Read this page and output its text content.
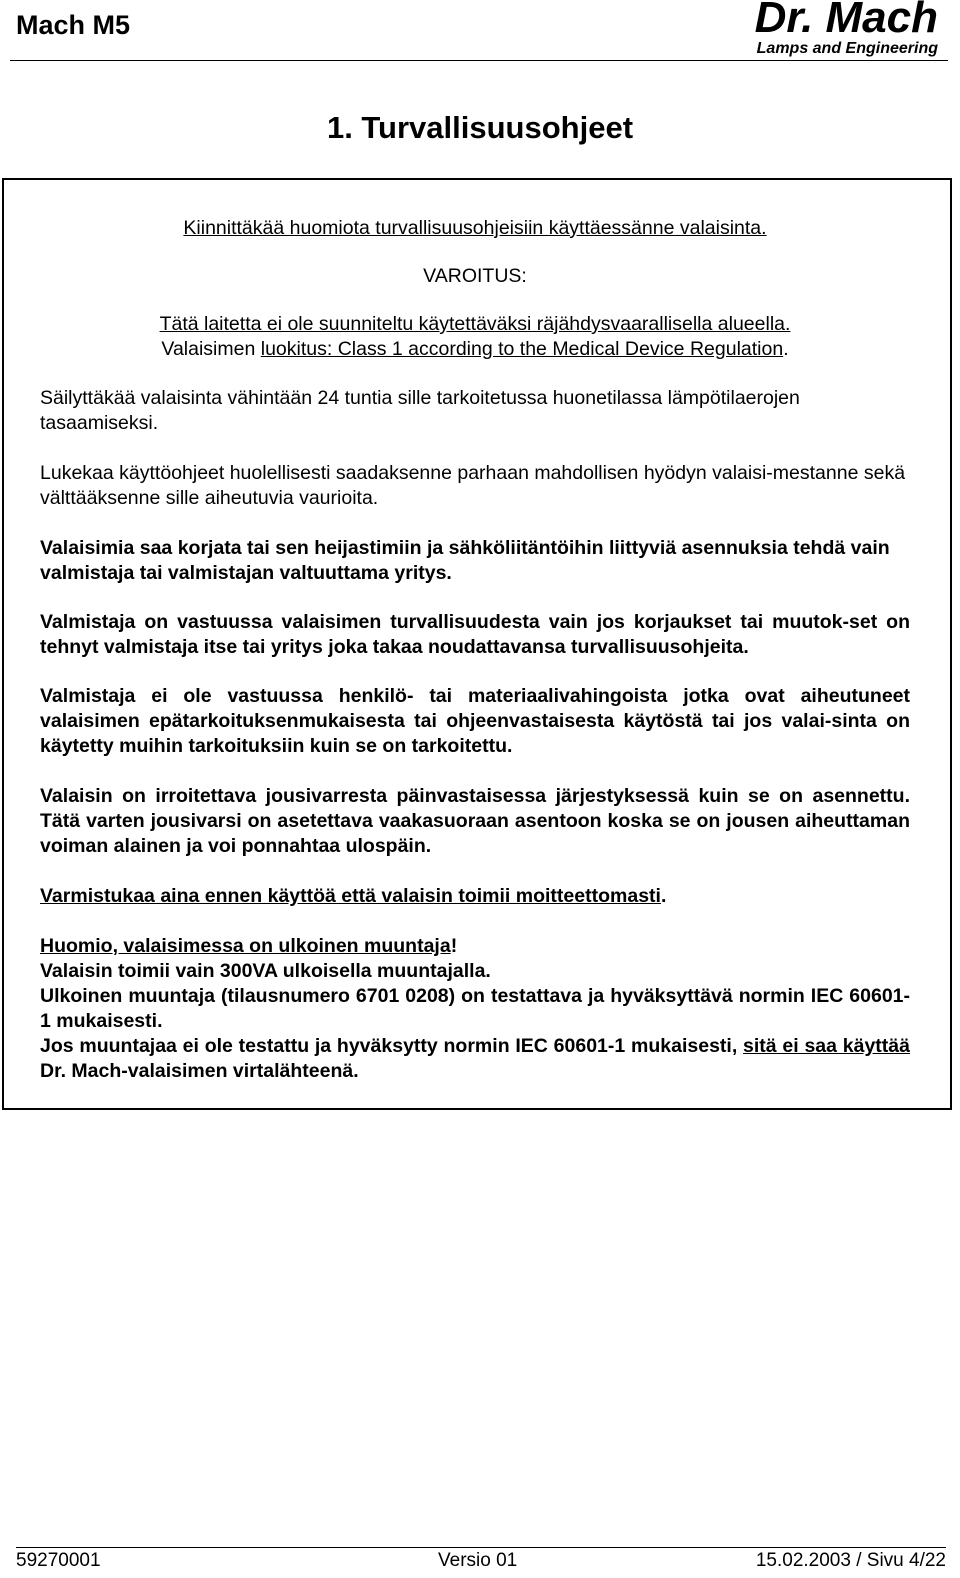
Mach M5	Dr. Mach
Lamps and Engineering
1. Turvallisuusohjeet
Kiinnittäkää huomiota turvallisuusohjeisiin käyttäessänne valaisinta.
VAROITUS:
Tätä laitetta ei ole suunniteltu käytettäväksi räjähdysvaarallisella alueella.
Valaisimen luokitus: Class 1 according to the Medical Device Regulation.

Säilyttäkää valaisinta vähintään 24 tuntia sille tarkoitetussa huonetilassa lämpötilaerojen tasaamiseksi.

Lukekaa käyttöohjeet huolellisesti saadaksenne parhaan mahdollisen hyödyn valaisi-mestanne sekä välttääksenne sille aiheutuvia vaurioita.

Valaisimia saa korjata tai sen heijastimiin ja sähköliitäntöihin liittyviä asennuksia tehdä vain valmistaja tai valmistajan valtuuttama yritys.

Valmistaja on vastuussa valaisimen turvallisuudesta vain jos korjaukset tai muutok-set on tehnyt valmistaja itse tai yritys joka takaa noudattavansa turvallisuusohjeita.

Valmistaja ei ole vastuussa henkilö- tai materiaalivahingoista jotka ovat aiheutuneet valaisimen epätarkoituksenmukaisesta tai ohjeenvastaisesta käytöstä tai jos valai-sinta on käytetty muihin tarkoituksiin kuin se on tarkoitettu.

Valaisin on irroitettava jousivarresta päinvastaisessa järjestyksessä kuin se on asennettu. Tätä varten jousivarsi on asetettava vaakasuoraan asentoon koska se on jousen aiheuttaman voiman alainen ja voi ponnahtaa ulospäin.

Varmistukaa aina ennen käyttöä että valaisin toimii moitteettomasti.

Huomio, valaisimessa on ulkoinen muuntaja!
Valaisin toimii vain 300VA ulkoisella muuntajalla.
Ulkoinen muuntaja (tilausnumero 6701 0208) on testattava ja hyväksyttävä normin IEC 60601-1 mukaisesti.
Jos muuntajaa ei ole testattu ja hyväksytty normin IEC 60601-1 mukaisesti, sitä ei saa käyttää Dr. Mach-valaisimen virtalähteenä.
59270001	Versio 01	15.02.2003 / Sivu 4/22
